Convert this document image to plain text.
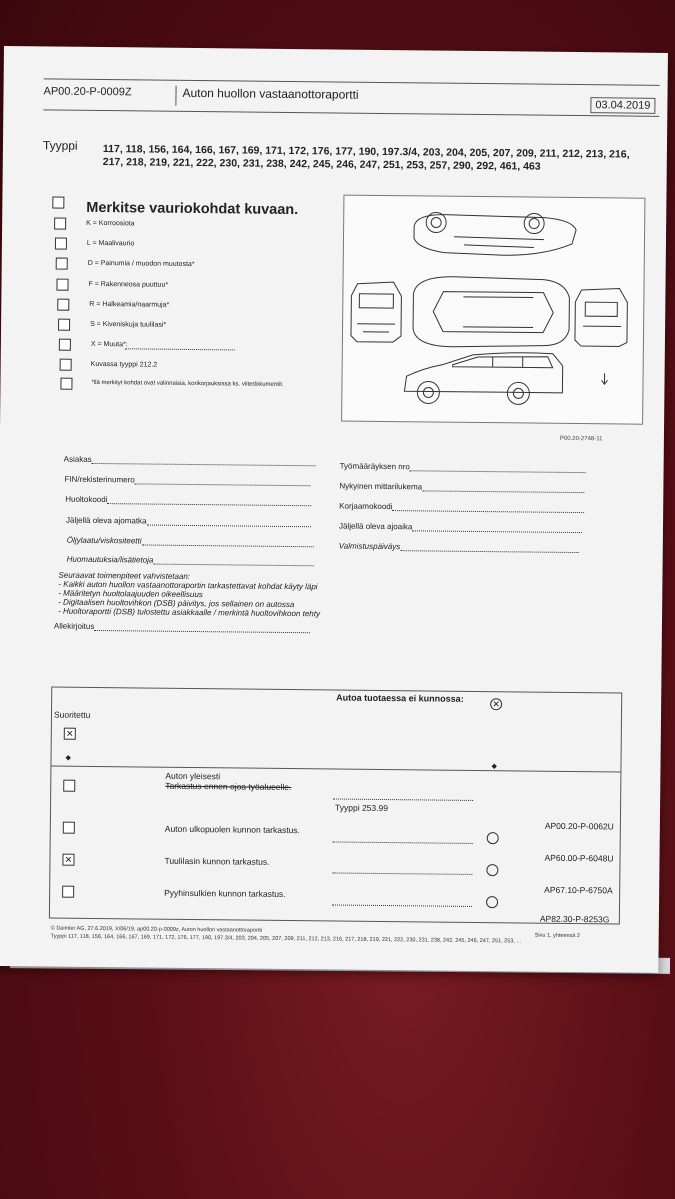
AP00.20-P-0009Z	Auton huollon vastaanottoraportti
03.04.2019
Tyyppi 117, 118, 156, 164, 166, 167, 169, 171, 172, 176, 177, 190, 197.3/4, 203, 204, 205, 207, 209, 211, 212, 213, 216,
217, 218, 219, 221, 222, 230, 231, 238, 242, 245, 246, 247, 251, 253, 257, 290, 292, 461, 463
Merkitse vauriokohdat kuvaan.
K = Korroosiota
L = Maalivaurio
D = Painumia / muodon muutosta*
F = Rakenneosa puuttuu*
R = Halkeamia/naarmuja*
S = Kiveniskuja tuulilasi*
X = Muuta*:
Kuvassa tyyppi 212.2
*llä merkityt kohdat ovat valinnaisia, korikorjauksissa ks. viitedokumentit.
P00.20-2748-11
Asiakas
FIN/rekisterinumero
Huoltokoodi
Jäljellä oleva ajomatka
Öljylaatu/viskositeetti
Huomautuksia/lisätietoja
Työmääräyksen nro
Nykyinen mittarilukema
Korjaamokoodi
Jäljellä oleva ajoaika
Valmistuspäiväys
Seuraavat toimenpiteet vahvistetaan:
- Kaikki auton huollon vastaanottoraportin tarkastettavat kohdat käyty läpi
- Määritetyn huoltolaajuuden oikeellisuus
- Digitaalisen huoltovihkon (DSB) päivitys, jos sellainen on autossa
- Huoltoraportti (DSB) tulostettu asiakkaalle / merkintä huoltovihkoon tehty
Allekirjoitus
Autoa tuotaessa ei kunnossa:
✕
Suoritettu
✕
◆
◆
Auton yleisesti
Tarkastus ennen ojoa työalueelle.
Tyyppi 253.99
AP00.20-P-0062U
Auton ulkopuolen kunnon tarkastus.
AP60.00-P-6048U
✕	Tuulilasin kunnon tarkastus.
AP67.10-P-6750A
Pyyhinsulkien kunnon tarkastus.
AP82.30-P-8253G
© Daimler AG, 27.6.2019, X/06/19, ap00.20-p-0009z, Auton huollon vastaanottoraportti
Tyyppi 117, 118, 156, 164, 166, 167, 169, 171, 172, 176, 177, 190, 197.3/4, 203, 204, 205, 207, 209, 211, 212, 213, 216, 217, 218, 219, 221, 222, 230, 231, 238, 242, 245, 246, 247, 251, 253, ... Sivu 1, yhteensä 2
